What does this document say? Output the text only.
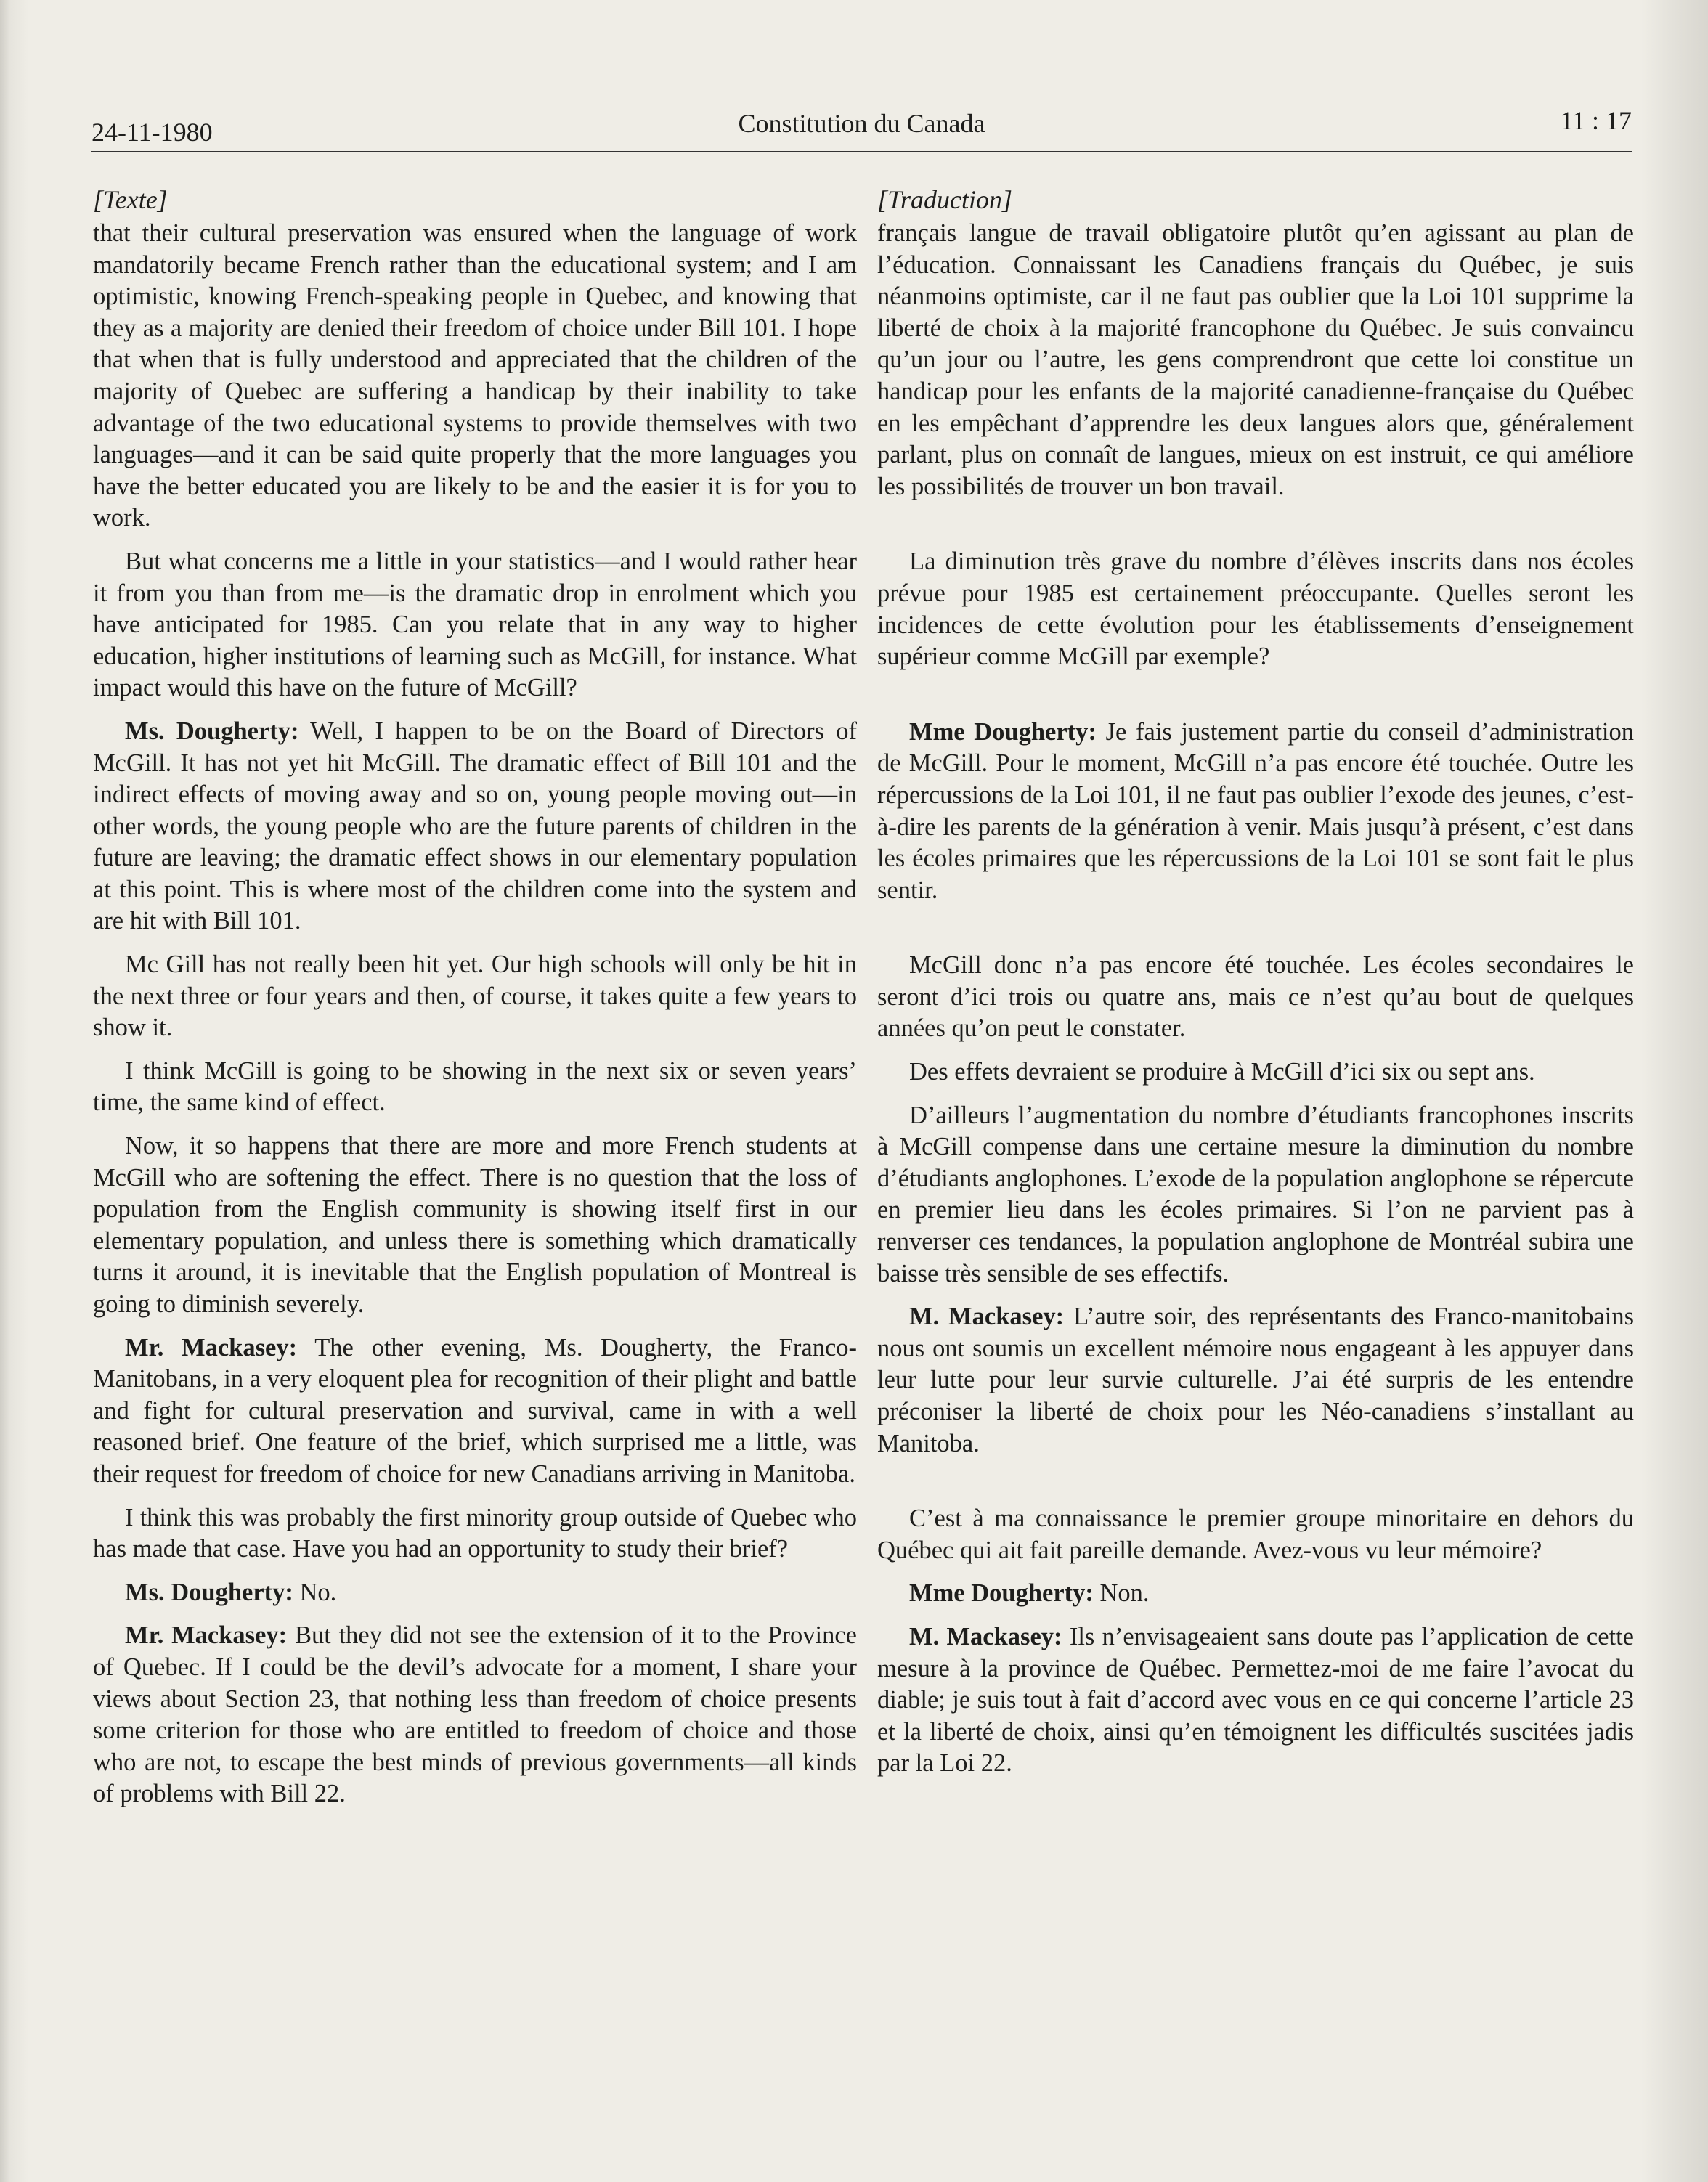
24-11-1980	Constitution du Canada	11 : 17
[Texte]

that their cultural preservation was ensured when the language of work mandatorily became French rather than the educational system; and I am optimistic, knowing French-speaking people in Quebec, and knowing that they as a majority are denied their freedom of choice under Bill 101. I hope that when that is fully understood and appreciated that the children of the majority of Quebec are suffering a handicap by their inability to take advantage of the two educational systems to provide themselves with two languages—and it can be said quite properly that the more languages you have the better educated you are likely to be and the easier it is for you to work.

But what concerns me a little in your statistics—and I would rather hear it from you than from me—is the dramatic drop in enrolment which you have anticipated for 1985. Can you relate that in any way to higher education, higher institutions of learning such as McGill, for instance. What impact would this have on the future of McGill?

Ms. Dougherty: Well, I happen to be on the Board of Directors of McGill. It has not yet hit McGill. The dramatic effect of Bill 101 and the indirect effects of moving away and so on, young people moving out—in other words, the young people who are the future parents of children in the future are leaving; the dramatic effect shows in our elementary population at this point. This is where most of the children come into the system and are hit with Bill 101.

Mc Gill has not really been hit yet. Our high schools will only be hit in the next three or four years and then, of course, it takes quite a few years to show it.

I think McGill is going to be showing in the next six or seven years’ time, the same kind of effect.

Now, it so happens that there are more and more French students at McGill who are softening the effect. There is no question that the loss of population from the English community is showing itself first in our elementary population, and unless there is something which dramatically turns it around, it is inevitable that the English population of Montreal is going to diminish severely.

Mr. Mackasey: The other evening, Ms. Dougherty, the Franco-Manitobans, in a very eloquent plea for recognition of their plight and battle and fight for cultural preservation and survival, came in with a well reasoned brief. One feature of the brief, which surprised me a little, was their request for freedom of choice for new Canadians arriving in Manitoba.

I think this was probably the first minority group outside of Quebec who has made that case. Have you had an opportunity to study their brief?

Ms. Dougherty: No.

Mr. Mackasey: But they did not see the extension of it to the Province of Quebec. If I could be the devil’s advocate for a moment, I share your views about Section 23, that nothing less than freedom of choice presents some criterion for those who are entitled to freedom of choice and those who are not, to escape the best minds of previous governments—all kinds of problems with Bill 22.

[Traduction]

français langue de travail obligatoire plutôt qu’en agissant au plan de l’éducation. Connaissant les Canadiens français du Québec, je suis néanmoins optimiste, car il ne faut pas oublier que la Loi 101 supprime la liberté de choix à la majorité francophone du Québec. Je suis convaincu qu’un jour ou l’autre, les gens comprendront que cette loi constitue un handicap pour les enfants de la majorité canadienne-française du Québec en les empêchant d’apprendre les deux langues alors que, généralement parlant, plus on connaît de langues, mieux on est instruit, ce qui améliore les possibilités de trouver un bon travail.

La diminution très grave du nombre d’élèves inscrits dans nos écoles prévue pour 1985 est certainement préoccupante. Quelles seront les incidences de cette évolution pour les établissements d’enseignement supérieur comme McGill par exemple?

Mme Dougherty: Je fais justement partie du conseil d’administration de McGill. Pour le moment, McGill n’a pas encore été touchée. Outre les répercussions de la Loi 101, il ne faut pas oublier l’exode des jeunes, c’est-à-dire les parents de la génération à venir. Mais jusqu’à présent, c’est dans les écoles primaires que les répercussions de la Loi 101 se sont fait le plus sentir.

McGill donc n’a pas encore été touchée. Les écoles secondaires le seront d’ici trois ou quatre ans, mais ce n’est qu’au bout de quelques années qu’on peut le constater.

Des effets devraient se produire à McGill d’ici six ou sept ans.

D’ailleurs l’augmentation du nombre d’étudiants francophones inscrits à McGill compense dans une certaine mesure la diminution du nombre d’étudiants anglophones. L’exode de la population anglophone se répercute en premier lieu dans les écoles primaires. Si l’on ne parvient pas à renverser ces tendances, la population anglophone de Montréal subira une baisse très sensible de ses effectifs.

M. Mackasey: L’autre soir, des représentants des Franco-manitobains nous ont soumis un excellent mémoire nous engageant à les appuyer dans leur lutte pour leur survie culturelle. J’ai été surpris de les entendre préconiser la liberté de choix pour les Néo-canadiens s’installant au Manitoba.

C’est à ma connaissance le premier groupe minoritaire en dehors du Québec qui ait fait pareille demande. Avez-vous vu leur mémoire?

Mme Dougherty: Non.

M. Mackasey: Ils n’envisageaient sans doute pas l’application de cette mesure à la province de Québec. Permettez-moi de me faire l’avocat du diable; je suis tout à fait d’accord avec vous en ce qui concerne l’article 23 et la liberté de choix, ainsi qu’en témoignent les difficultés suscitées jadis par la Loi 22.
